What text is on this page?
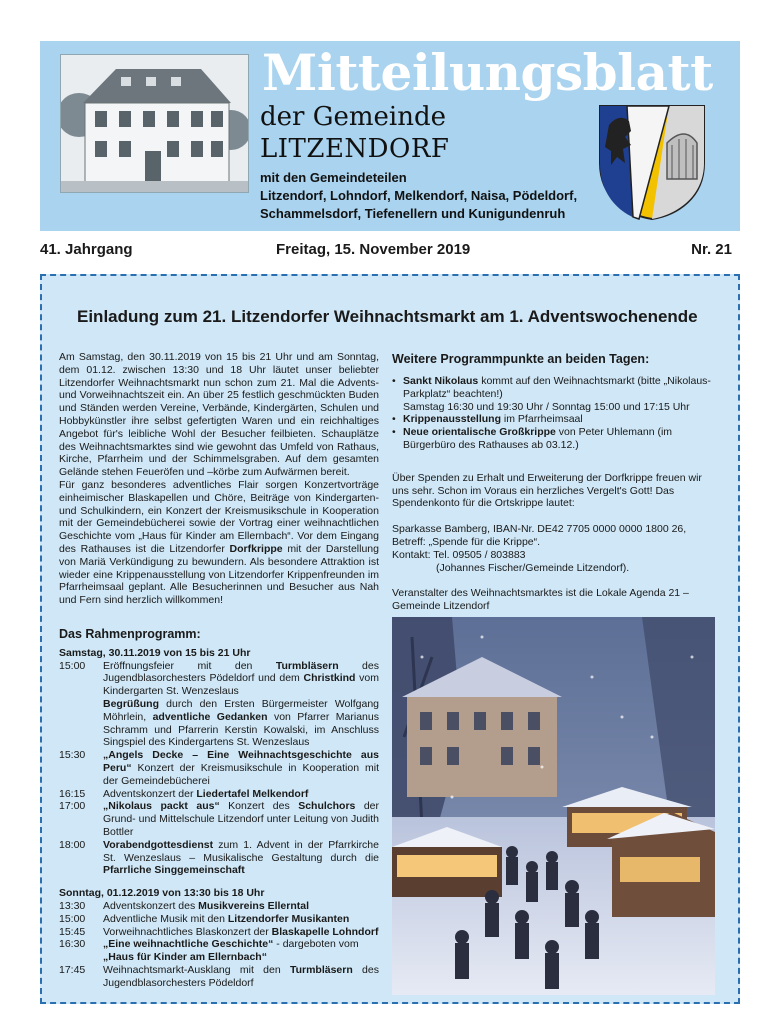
Mitteilungsblatt
der Gemeinde
LITZENDORF
mit den Gemeindeteilen
Litzendorf, Lohndorf, Melkendorf, Naisa, Pödeldorf,
Schammelsdorf, Tiefenellern und Kunigundenruh
41. Jahrgang	Freitag, 15. November 2019	Nr. 21
Einladung zum 21. Litzendorfer Weihnachtsmarkt am 1. Adventswochenende
Am Samstag, den 30.11.2019 von 15 bis 21 Uhr und am Sonntag, dem 01.12. zwischen 13:30 und 18 Uhr läutet unser beliebter Litzendorfer Weihnachtsmarkt nun schon zum 21. Mal die Advents- und Vorweihnachtszeit ein. An über 25 festlich geschmückten Buden und Ständen werden Vereine, Verbände, Kindergärten, Schulen und Hobbykünstler ihre selbst gefertigten Waren und ein reichhaltiges Angebot für's leibliche Wohl der Besucher feilbieten. Schauplätze des Weihnachtsmarktes sind wie gewohnt das Umfeld von Rathaus, Kirche, Pfarrheim und der Schimmelsgraben. Auf dem gesamten Gelände stehen Feueröfen und –körbe zum Aufwärmen bereit.
Für ganz besonderes adventliches Flair sorgen Konzertvorträge einheimischer Blaskapellen und Chöre, Beiträge von Kindergarten- und Schulkindern, ein Konzert der Kreismusikschule in Kooperation mit der Gemeindebücherei sowie der Vortrag einer weihnachtlichen Geschichte vom „Haus für Kinder am Ellernbach“. Vor dem Eingang des Rathauses ist die Litzendorfer Dorfkrippe mit der Darstellung von Mariä Verkündigung zu bewundern. Als besondere Attraktion ist wieder eine Krippenausstellung von Litzendorfer Krippenfreunden im Pfarrheimsaal geplant. Alle Besucherinnen und Besucher aus Nah und Fern sind herzlich willkommen!
Weitere Programmpunkte an beiden Tagen:
• Sankt Nikolaus kommt auf den Weihnachtsmarkt (bitte „Nikolaus-Parkplatz“ beachten!)
Samstag 16:30 und 19:30 Uhr / Sonntag 15:00 und 17:15 Uhr
• Krippenausstellung im Pfarrheimsaal
• Neue orientalische Großkrippe von Peter Uhlemann (im Bürgerbüro des Rathauses ab 03.12.)

Über Spenden zu Erhalt und Erweiterung der Dorfkrippe freuen wir uns sehr. Schon im Voraus ein herzliches Vergelt's Gott! Das Spendenkonto für die Ortskrippe lautet:

Sparkasse Bamberg, IBAN-Nr. DE42 7705 0000 0000 1800 26,

Betreff: „Spende für die Krippe“.

Kontakt: Tel. 09505 / 803883

(Johannes Fischer/Gemeinde Litzendorf).

Veranstalter des Weihnachtsmarktes ist die Lokale Agenda 21 – Gemeinde Litzendorf

Das Rahmenprogramm:
Samstag, 30.11.2019 von 15 bis 21 Uhr
15:00	Eröffnungsfeier mit den Turmbläsern des Jugendblasorchesters Pödeldorf und dem Christkind vom Kindergarten St. Wenzeslaus
Begrüßung durch den Ersten Bürgermeister Wolfgang Möhrlein, adventliche Gedanken von Pfarrer Marianus Schramm und Pfarrerin Kerstin Kowalski, im Anschluss Singspiel des Kindergartens St. Wenzeslaus
15:30	„Angels Decke – Eine Weihnachtsgeschichte aus Peru“ Konzert der Kreismusikschule in Kooperation mit der Gemeindebücherei
16:15	Adventskonzert der Liedertafel Melkendorf
17:00	„Nikolaus packt aus“ Konzert des Schulchors der Grund- und Mittelschule Litzendorf unter Leitung von Judith Bottler
18:00	Vorabendgottesdienst zum 1. Advent in der Pfarrkirche St. Wenzeslaus – Musikalische Gestaltung durch die Pfarrliche Singgemeinschaft
Sonntag, 01.12.2019 von 13:30 bis 18 Uhr
13:30	Adventskonzert des Musikvereins Ellerntal
15:00	Adventliche Musik mit den Litzendorfer Musikanten
15:45	Vorweihnachtliches Blaskonzert der Blaskapelle Lohndorf
16:30	„Eine weihnachtliche Geschichte“ - dargeboten vom
„Haus für Kinder am Ellernbach“
17:45	Weihnachtsmarkt-Ausklang mit den Turmbläsern des Jugendblasorchesters Pödeldorf
